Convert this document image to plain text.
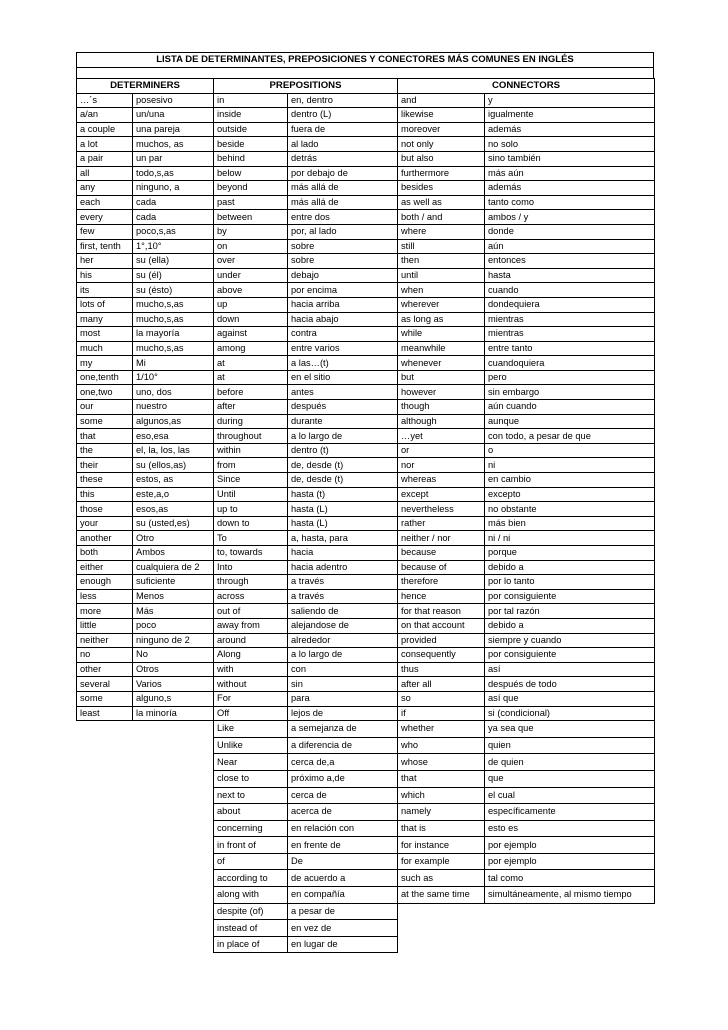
LISTA DE DETERMINANTES, PREPOSICIONES Y CONECTORES MÁS COMUNES EN INGLÉS
DETERMINERS		PREPOSITIONS		CONNECTORS	
…´s	posesivo	in	en, dentro	and	y
a/an	un/una	inside	dentro (L)	likewise	igualmente
a couple	una pareja	outside	fuera de	moreover	además
a lot	muchos, as	beside	al lado	not only	no solo
a pair	un par	behind	detrás	but also	sino también
all	todo,s,as	below	por debajo de	furthermore	más aún
any	ninguno, a	beyond	más allá de	besides	además
each	cada	past	más allá de	as well as	tanto como
every	cada	between	entre dos	both / and	ambos / y
few	poco,s,as	by	por, al lado	where	donde
first, tenth	1°,10°	on	sobre	still	aún
her	su (ella)	over	sobre	then	entonces
his	su (él)	under	debajo	until	hasta
its	su (ésto)	above	por encima	when	cuando
lots of	mucho,s,as	up	hacia arriba	wherever	dondequiera
many	mucho,s,as	down	hacia abajo	as long as	mientras
most	la mayoría	against	contra	while	mientras
much	mucho,s,as	among	entre varios	meanwhile	entre tanto
my	Mi	at	a las…(t)	whenever	cuandoquiera
one,tenth	1/10°	at	en el sitio	but	pero
one,two	uno, dos	before	antes	however	sin embargo
our	nuestro	after	después	though	aún cuando
some	algunos,as	during	durante	although	aunque
that	eso,esa	throughout	a lo largo de	…yet	con todo, a pesar de que
the	el, la, los, las	within	dentro (t)	or	o
their	su (ellos,as)	from	de, desde (t)	nor	ni
these	estos, as	Since	de, desde (t)	whereas	en cambio
this	este,a,o	Until	hasta (t)	except	excepto
those	esos,as	up to	hasta (L)	nevertheless	no obstante
your	su (usted,es)	down to	hasta (L)	rather	más bien
another	Otro	To	a, hasta, para	neither / nor	ni / ni
both	Ambos	to, towards	hacia	because	porque
either	cualquiera de 2	Into	hacia adentro	because of	debido a
enough	suficiente	through	a través	therefore	por lo tanto
less	Menos	across	a través	hence	por consiguiente
more	Más	out of	saliendo de	for that reason	por tal razón
little	poco	away from	alejandose de	on that account	debido a
neither	ninguno de 2	around	alrededor	provided	siempre y cuando
no	No	Along	a lo largo de	consequently	por consiguiente
other	Otros	with	con	thus	así
several	Varios	without	sin	after all	después de todo
some	alguno,s	For	para	so	así que
least	la minoría	Off	lejos de	if	si (condicional)
		Like	a semejanza de	whether	ya sea que
		Unlike	a diferencia de	who	quien
		Near	cerca de,a	whose	de quien
		close to	próximo a,de	that	que
		next to	cerca de	which	el cual
		about	acerca de	namely	específicamente
		concerning	en relación con	that is	esto es
		in front of	en frente de	for instance	por ejemplo
		of	De	for example	por ejemplo
		according to	de acuerdo a	such as	tal como
		along with	en compañía	at the same time	simultáneamente, al mismo tiempo
		despite (of)	a pesar de		
		instead of	en vez de		
		in place of	en lugar de		
